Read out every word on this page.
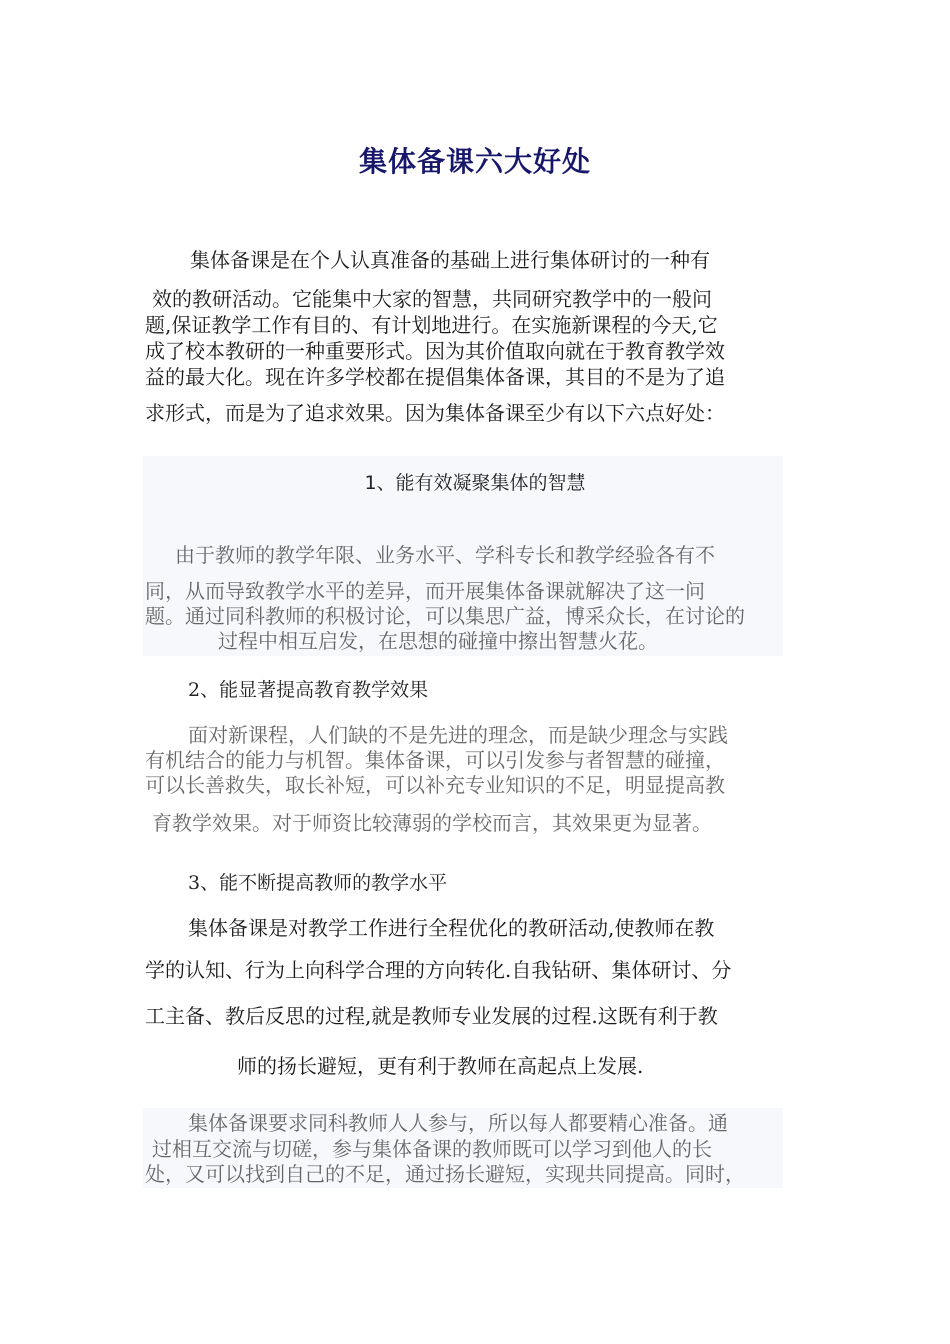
集体备课六大好处
集体备课是在个人认真准备的基础上进行集体研讨的一种有
效的教研活动。它能集中大家的智慧，共同研究教学中的一般问
题,保证教学工作有目的、有计划地进行。在实施新课程的今天,它
成了校本教研的一种重要形式。因为其价值取向就在于教育教学效
益的最大化。现在许多学校都在提倡集体备课，其目的不是为了追
求形式，而是为了追求效果。因为集体备课至少有以下六点好处：
1、能有效凝聚集体的智慧
由于教师的教学年限、业务水平、学科专长和教学经验各有不
同，从而导致教学水平的差异，而开展集体备课就解决了这一问
题。通过同科教师的积极讨论，可以集思广益，博采众长，在讨论的
过程中相互启发，在思想的碰撞中擦出智慧火花。
2、能显著提高教育教学效果
面对新课程，人们缺的不是先进的理念，而是缺少理念与实践
有机结合的能力与机智。集体备课，可以引发参与者智慧的碰撞，
可以长善救失，取长补短，可以补充专业知识的不足，明显提高教
育教学效果。对于师资比较薄弱的学校而言，其效果更为显著。
3、能不断提高教师的教学水平
集体备课是对教学工作进行全程优化的教研活动,使教师在教
学的认知、行为上向科学合理的方向转化.自我钻研、集体研讨、分
工主备、教后反思的过程,就是教师专业发展的过程.这既有利于教
师的扬长避短，更有利于教师在高起点上发展.
集体备课要求同科教师人人参与，所以每人都要精心准备。通
过相互交流与切磋，参与集体备课的教师既可以学习到他人的长
处，又可以找到自己的不足，通过扬长避短，实现共同提高。同时，
